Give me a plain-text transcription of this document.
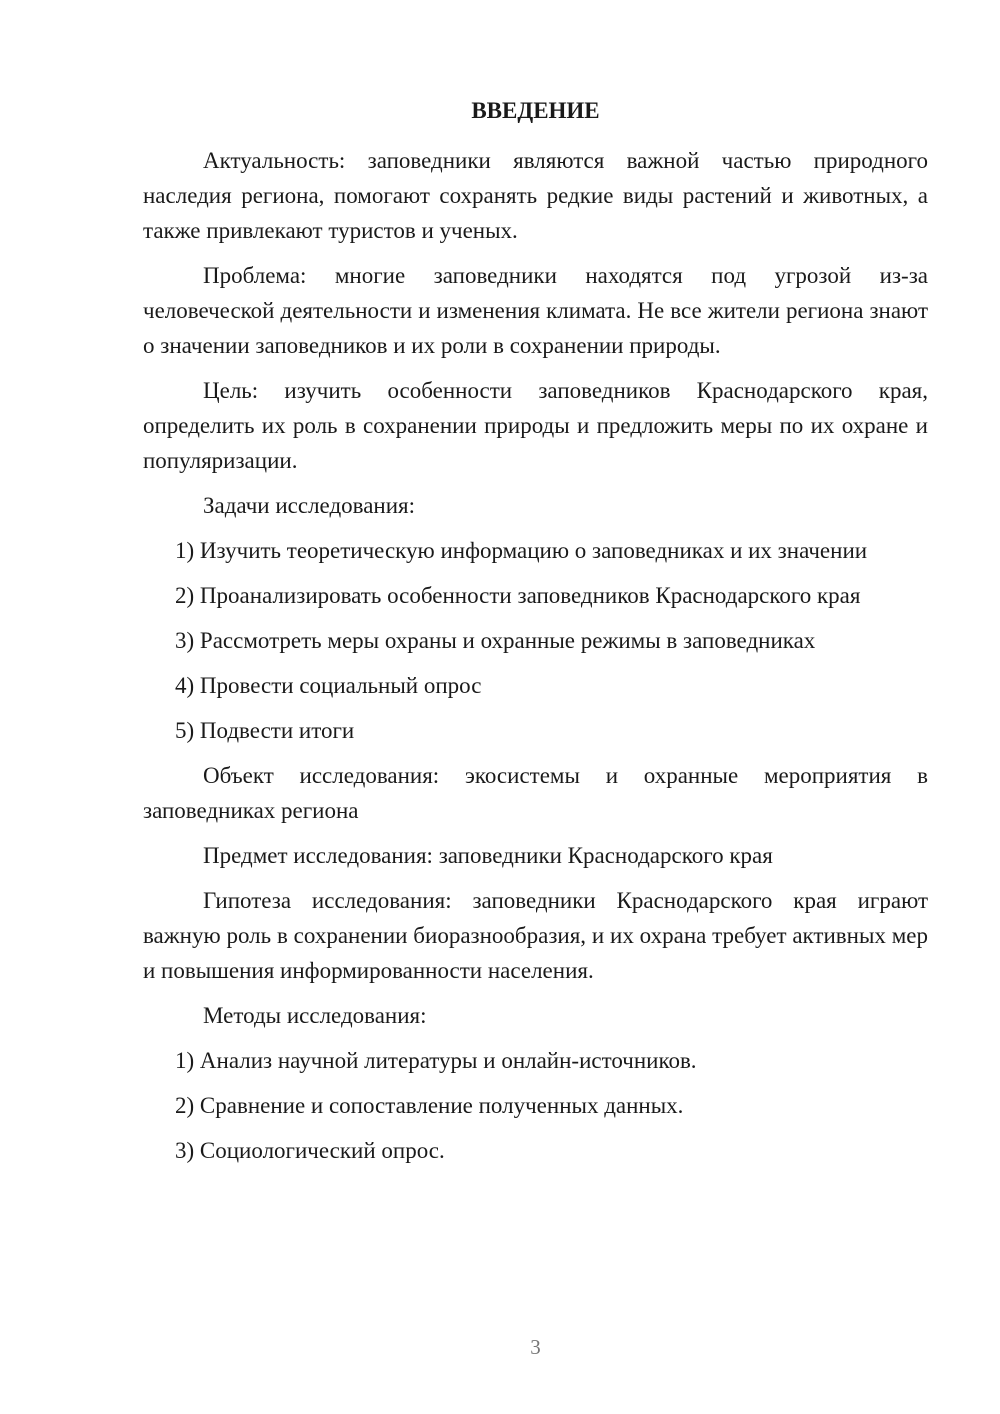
ВВЕДЕНИЕ

Актуальность: заповедники являются важной частью природного наследия региона, помогают сохранять редкие виды растений и животных, а также привлекают туристов и ученых.

Проблема: многие заповедники находятся под угрозой из-за человеческой деятельности и изменения климата. Не все жители региона знают о значении заповедников и их роли в сохранении природы.

Цель: изучить особенности заповедников Краснодарского края, определить их роль в сохранении природы и предложить меры по их охране и популяризации.

Задачи исследования:

1) Изучить теоретическую информацию о заповедниках и их значении

2) Проанализировать особенности заповедников Краснодарского края

3) Рассмотреть меры охраны и охранные режимы в заповедниках

4) Провести социальный опрос

5) Подвести итоги

Объект исследования: экосистемы и охранные мероприятия в заповедниках региона

Предмет исследования: заповедники Краснодарского края

Гипотеза исследования: заповедники Краснодарского края играют важную роль в сохранении биоразнообразия, и их охрана требует активных мер и повышения информированности населения.

Методы исследования:

1) Анализ научной литературы и онлайн-источников.

2) Сравнение и сопоставление полученных данных.

3) Социологический опрос.

3
